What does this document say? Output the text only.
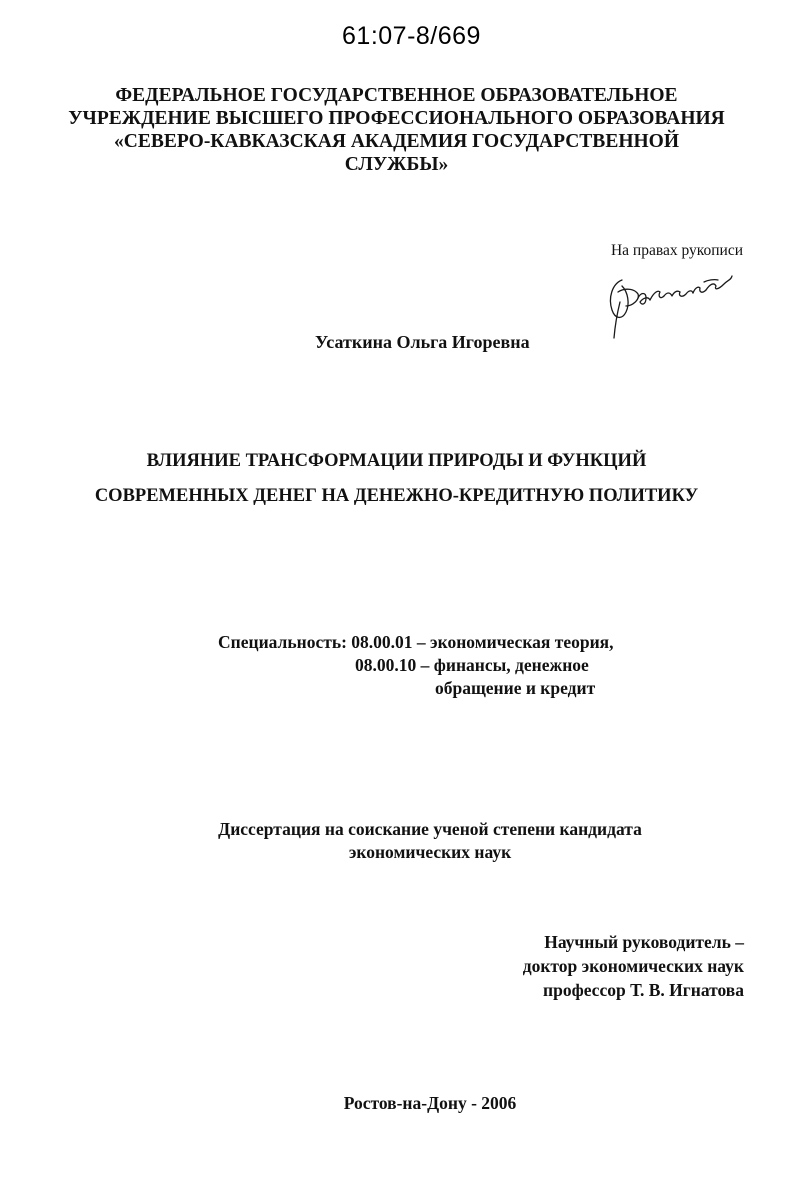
61:07-8/669
ФЕДЕРАЛЬНОЕ ГОСУДАРСТВЕННОЕ ОБРАЗОВАТЕЛЬНОЕ
УЧРЕЖДЕНИЕ ВЫСШЕГО ПРОФЕССИОНАЛЬНОГО ОБРАЗОВАНИЯ
«СЕВЕРО-КАВКАЗСКАЯ АКАДЕМИЯ ГОСУДАРСТВЕННОЙ
СЛУЖБЫ»
На правах рукописи
Усаткина Ольга Игоревна
ВЛИЯНИЕ ТРАНСФОРМАЦИИ ПРИРОДЫ И ФУНКЦИЙ
СОВРЕМЕННЫХ ДЕНЕГ НА ДЕНЕЖНО-КРЕДИТНУЮ ПОЛИТИКУ
Специальность: 08.00.01 – экономическая теория,
08.00.10 – финансы, денежное
обращение и кредит
Диссертация на соискание ученой степени кандидата
экономических наук
Научный руководитель –
доктор экономических наук
профессор Т. В. Игнатова
Ростов-на-Дону - 2006
